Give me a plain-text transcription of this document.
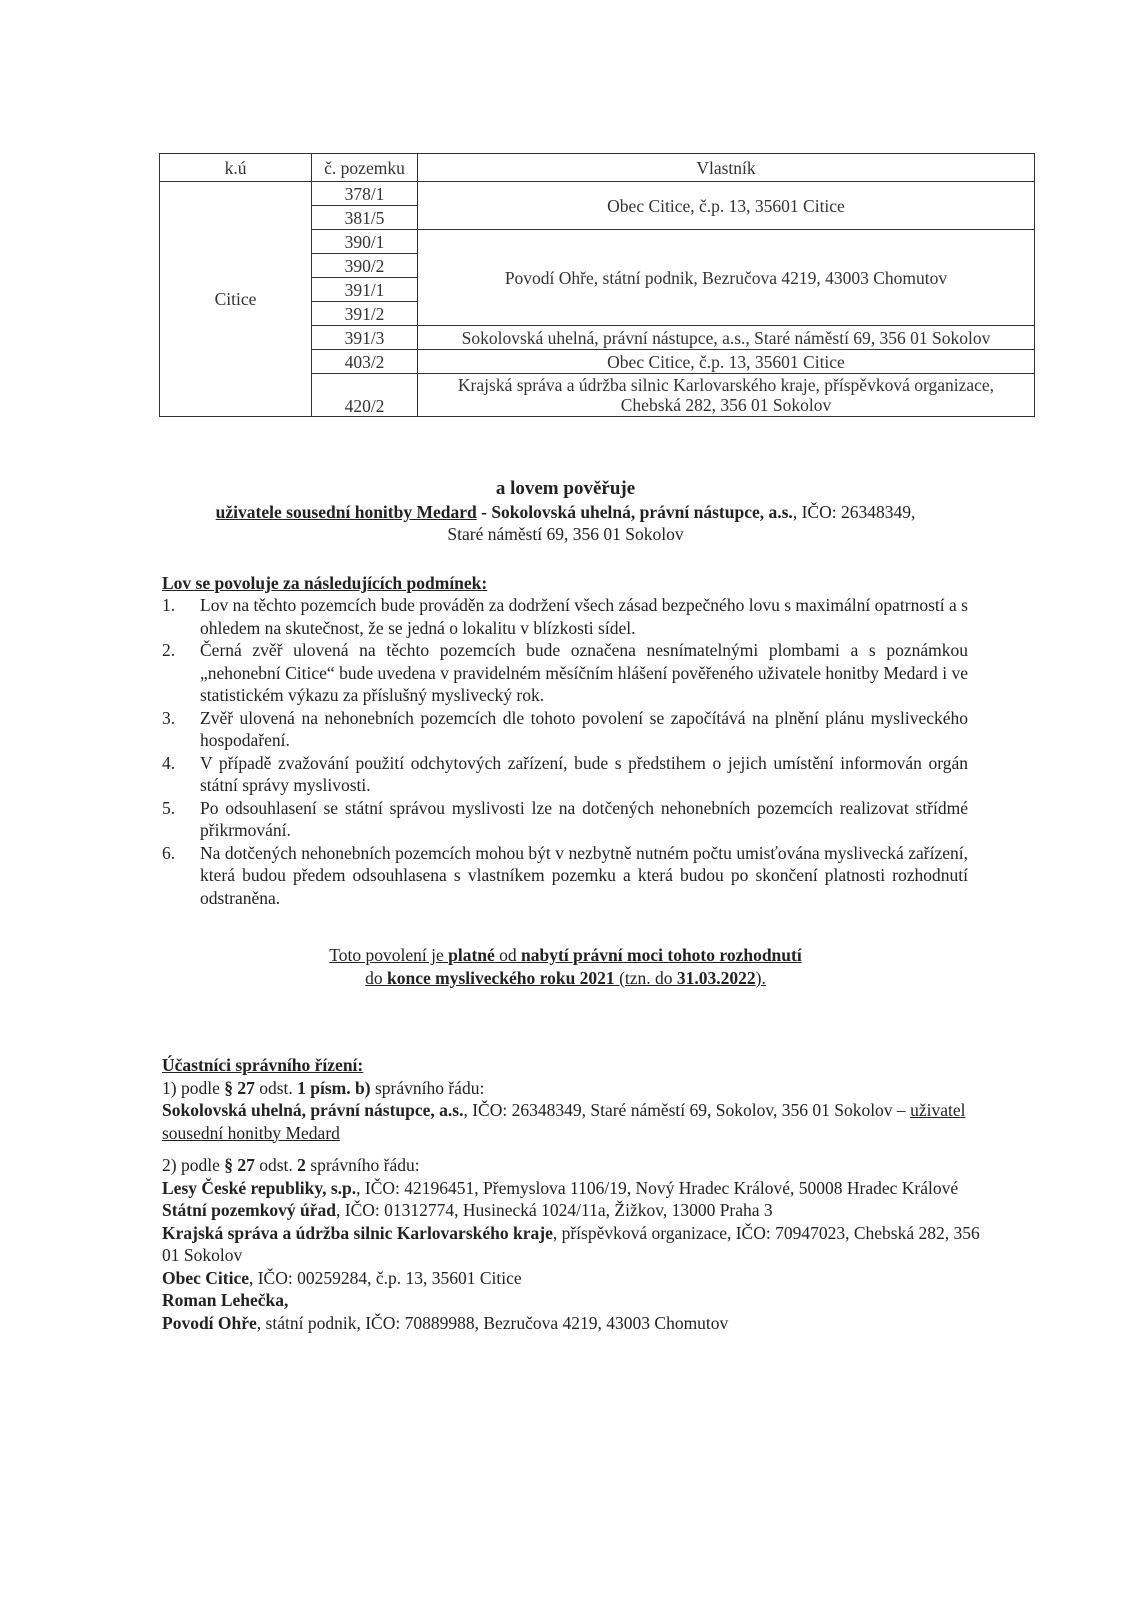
k.ú	č. pozemku	Vlastník
Citice	378/1	Obec Citice, č.p. 13, 35601 Citice
	381/5	
	390/1	Povodí Ohře, státní podnik, Bezručova 4219, 43003 Chomutov
	390/2	
	391/1	
	391/2	
	391/3	Sokolovská uhelná, právní nástupce, a.s., Staré náměstí 69, 356 01 Sokolov
	403/2	Obec Citice, č.p. 13, 35601 Citice
	420/2	Krajská správa a údržba silnic Karlovarského kraje, příspěvková organizace,
Chebská 282, 356 01 Sokolov
a lovem pověřuje
uživatele sousední honitby Medard - Sokolovská uhelná, právní nástupce, a.s., IČO: 26348349,
Staré náměstí 69, 356 01 Sokolov
Lov se povoluje za následujících podmínek:
1. Lov na těchto pozemcích bude prováděn za dodržení všech zásad bezpečného lovu s maximální opatrností a s ohledem na skutečnost, že se jedná o lokalitu v blízkosti sídel.
2. Černá zvěř ulovená na těchto pozemcích bude označena nesnímatelnými plombami a s poznámkou „nehonební Citice“ bude uvedena v pravidelném měsíčním hlášení pověřeného uživatele honitby Medard i ve statistickém výkazu za příslušný myslivecký rok.
3. Zvěř ulovená na nehonebních pozemcích dle tohoto povolení se započítává na plnění plánu mysliveckého hospodaření.
4. V případě zvažování použití odchytových zařízení, bude s předstihem o jejich umístění informován orgán státní správy myslivosti.
5. Po odsouhlasení se státní správou myslivosti lze na dotčených nehonebních pozemcích realizovat střídmé přikrmování.
6. Na dotčených nehonebních pozemcích mohou být v nezbytně nutném počtu umisťována myslivecká zařízení, která budou předem odsouhlasena s vlastníkem pozemku a která budou po skončení platnosti rozhodnutí odstraněna.
Toto povolení je platné od nabytí právní moci tohoto rozhodnutí
do konce mysliveckého roku 2021 (tzn. do 31.03.2022).

Účastníci správního řízení:

1) podle § 27 odst. 1 písm. b) správního řádu:

Sokolovská uhelná, právní nástupce, a.s., IČO: 26348349, Staré náměstí 69, Sokolov, 356 01 Sokolov – uživatel sousední honitby Medard

2) podle § 27 odst. 2 správního řádu:

Lesy České republiky, s.p., IČO: 42196451, Přemyslova 1106/19, Nový Hradec Králové, 50008 Hradec Králové

Státní pozemkový úřad, IČO: 01312774, Husinecká 1024/11a, Žižkov, 13000 Praha 3

Krajská správa a údržba silnic Karlovarského kraje, příspěvková organizace, IČO: 70947023, Chebská 282, 356 01 Sokolov

Obec Citice, IČO: 00259284, č.p. 13, 35601 Citice

Roman Lehečka,

Povodí Ohře, státní podnik, IČO: 70889988, Bezručova 4219, 43003 Chomutov
